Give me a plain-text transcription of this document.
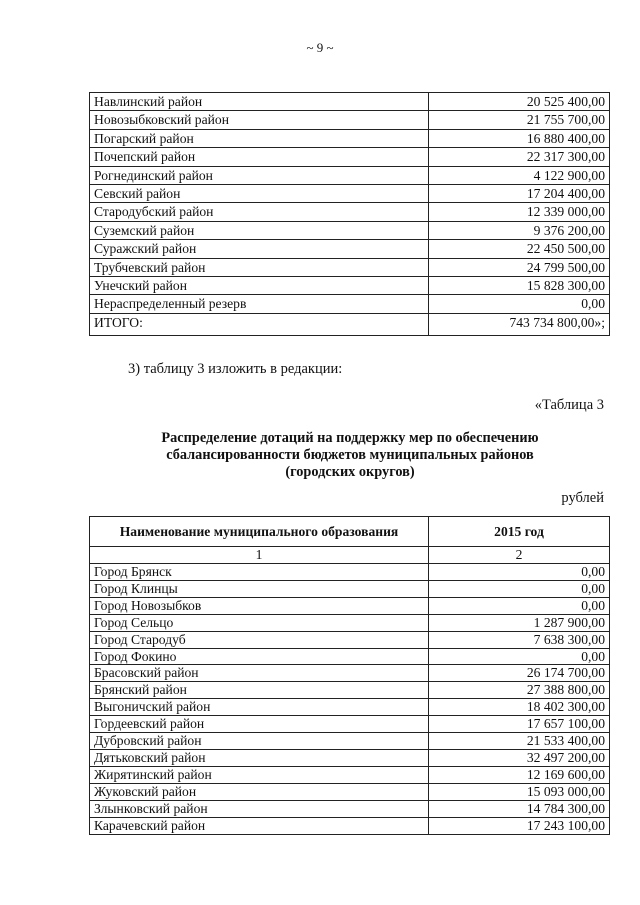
~ 9 ~
Навлинский район	20 525 400,00
Новозыбковский район	21 755 700,00
Погарский район	16 880 400,00
Почепский район	22 317 300,00
Рогнединский район	4 122 900,00
Севский район	17 204 400,00
Стародубский район	12 339 000,00
Суземский район	9 376 200,00
Суражский район	22 450 500,00
Трубчевский район	24 799 500,00
Унечский район	15 828 300,00
Нераспределенный резерв	0,00
ИТОГО:	743 734 800,00»;
3) таблицу 3 изложить в редакции:
«Таблица 3
Распределение дотаций на поддержку мер по обеспечению
сбалансированности бюджетов муниципальных районов
(городских округов)
рублей
Наименование муниципального образования	2015 год
1	2
Город Брянск	0,00
Город Клинцы	0,00
Город Новозыбков	0,00
Город Сельцо	1 287 900,00
Город Стародуб	7 638 300,00
Город Фокино	0,00
Брасовский район	26 174 700,00
Брянский район	27 388 800,00
Выгоничский район	18 402 300,00
Гордеевский район	17 657 100,00
Дубровский район	21 533 400,00
Дятьковский район	32 497 200,00
Жирятинский район	12 169 600,00
Жуковский район	15 093 000,00
Злынковский район	14 784 300,00
Карачевский район	17 243 100,00
